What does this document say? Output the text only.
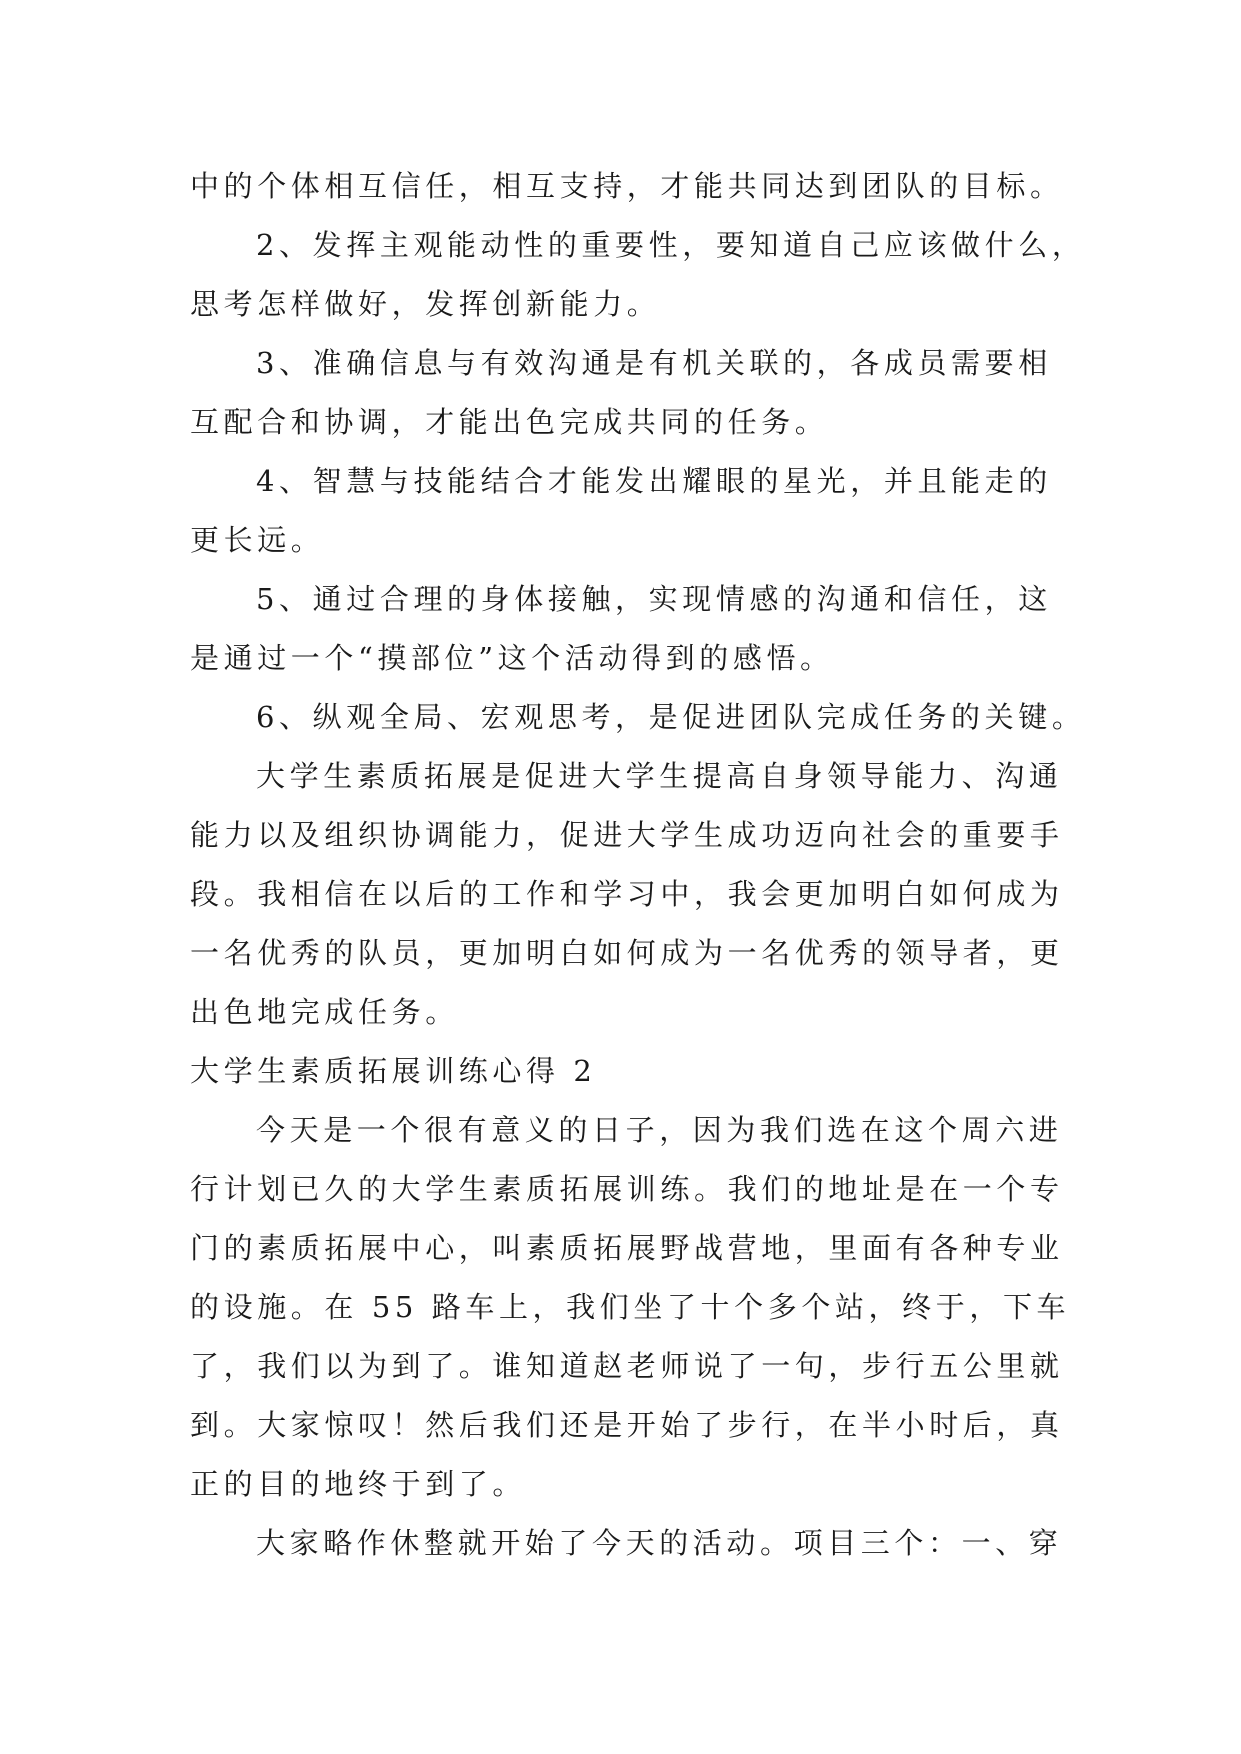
中的个体相互信任，相互支持，才能共同达到团队的目标。
2、发挥主观能动性的重要性，要知道自己应该做什么，
思考怎样做好，发挥创新能力。
3、准确信息与有效沟通是有机关联的，各成员需要相
互配合和协调，才能出色完成共同的任务。
4、智慧与技能结合才能发出耀眼的星光，并且能走的
更长远。
5、通过合理的身体接触，实现情感的沟通和信任，这
是通过一个“摸部位”这个活动得到的感悟。
6、纵观全局、宏观思考，是促进团队完成任务的关键。
大学生素质拓展是促进大学生提高自身领导能力、沟通
能力以及组织协调能力，促进大学生成功迈向社会的重要手
段。我相信在以后的工作和学习中，我会更加明白如何成为
一名优秀的队员，更加明白如何成为一名优秀的领导者，更
出色地完成任务。
大学生素质拓展训练心得 2
今天是一个很有意义的日子，因为我们选在这个周六进
行计划已久的大学生素质拓展训练。我们的地址是在一个专
门的素质拓展中心，叫素质拓展野战营地，里面有各种专业
的设施。在 55 路车上，我们坐了十个多个站，终于，下车
了，我们以为到了。谁知道赵老师说了一句，步行五公里就
到。大家惊叹！然后我们还是开始了步行，在半小时后，真
正的目的地终于到了。
大家略作休整就开始了今天的活动。项目三个：一、穿
